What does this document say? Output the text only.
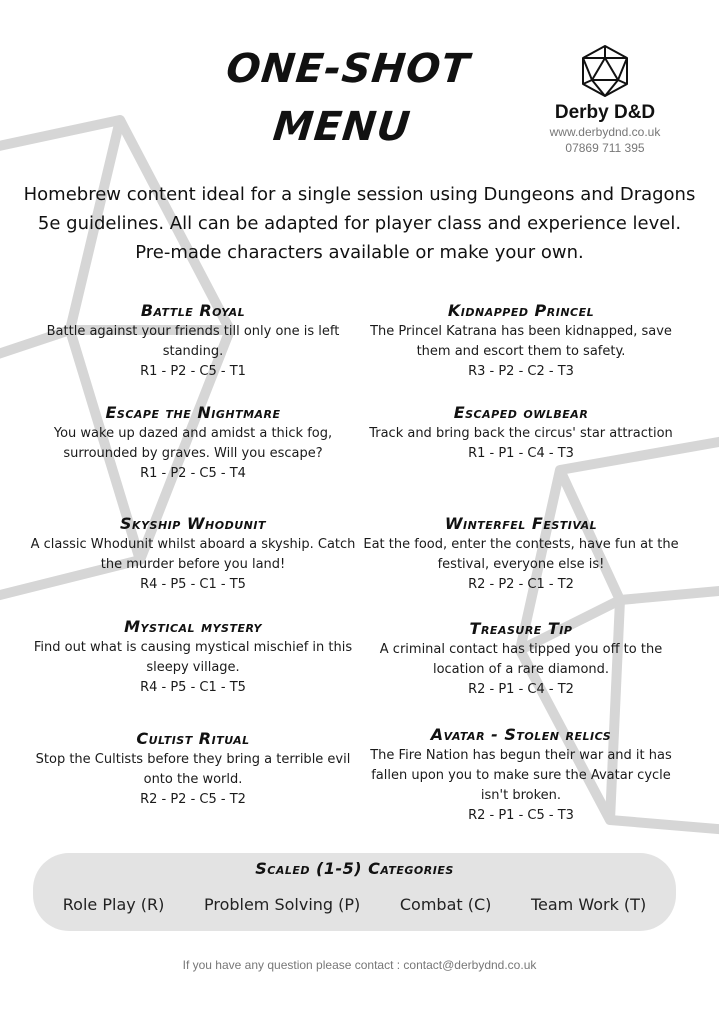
ONE-SHOT
MENU	Derby D&D
www.derbydnd.co.uk
07869 711 395
Homebrew content ideal for a single session using Dungeons and Dragons
5e guidelines. All can be adapted for player class and experience level.
Pre-made characters available or make your own.
Battle Royal
Battle against your friends till only one is left standing.
R1 - P2 - C5 - T1
Escape the Nightmare
You wake up dazed and amidst a thick fog, surrounded by graves. Will you escape?
R1 - P2 - C5 - T4
Skyship Whodunit
A classic Whodunit whilst aboard a skyship. Catch the murder before you land!
R4 - P5 - C1 - T5
Mystical mystery
Find out what is causing mystical mischief in this sleepy village.
R4 - P5 - C1 - T5
Cultist Ritual
Stop the Cultists before they bring a terrible evil onto the world.
R2 - P2 - C5 - T2
Kidnapped Princel
The Princel Katrana has been kidnapped, save them and escort them to safety.
R3 - P2 - C2 - T3
Escaped owlbear
Track and bring back the circus' star attraction
R1 - P1 - C4 - T3
Winterfel Festival
Eat the food, enter the contests, have fun at the festival, everyone else is!
R2 - P2 - C1 - T2
Treasure Tip
A criminal contact has tipped you off to the location of a rare diamond.
R2 - P1 - C4 - T2
Avatar - Stolen relics
The Fire Nation has begun their war and it has fallen upon you to make sure the Avatar cycle isn't broken.
R2 - P1 - C5 - T3
Scaled (1-5) Categories
Role Play (R) Problem Solving (P) Combat (C) Team Work (T)
If you have any question please contact : contact@derbydnd.co.uk
